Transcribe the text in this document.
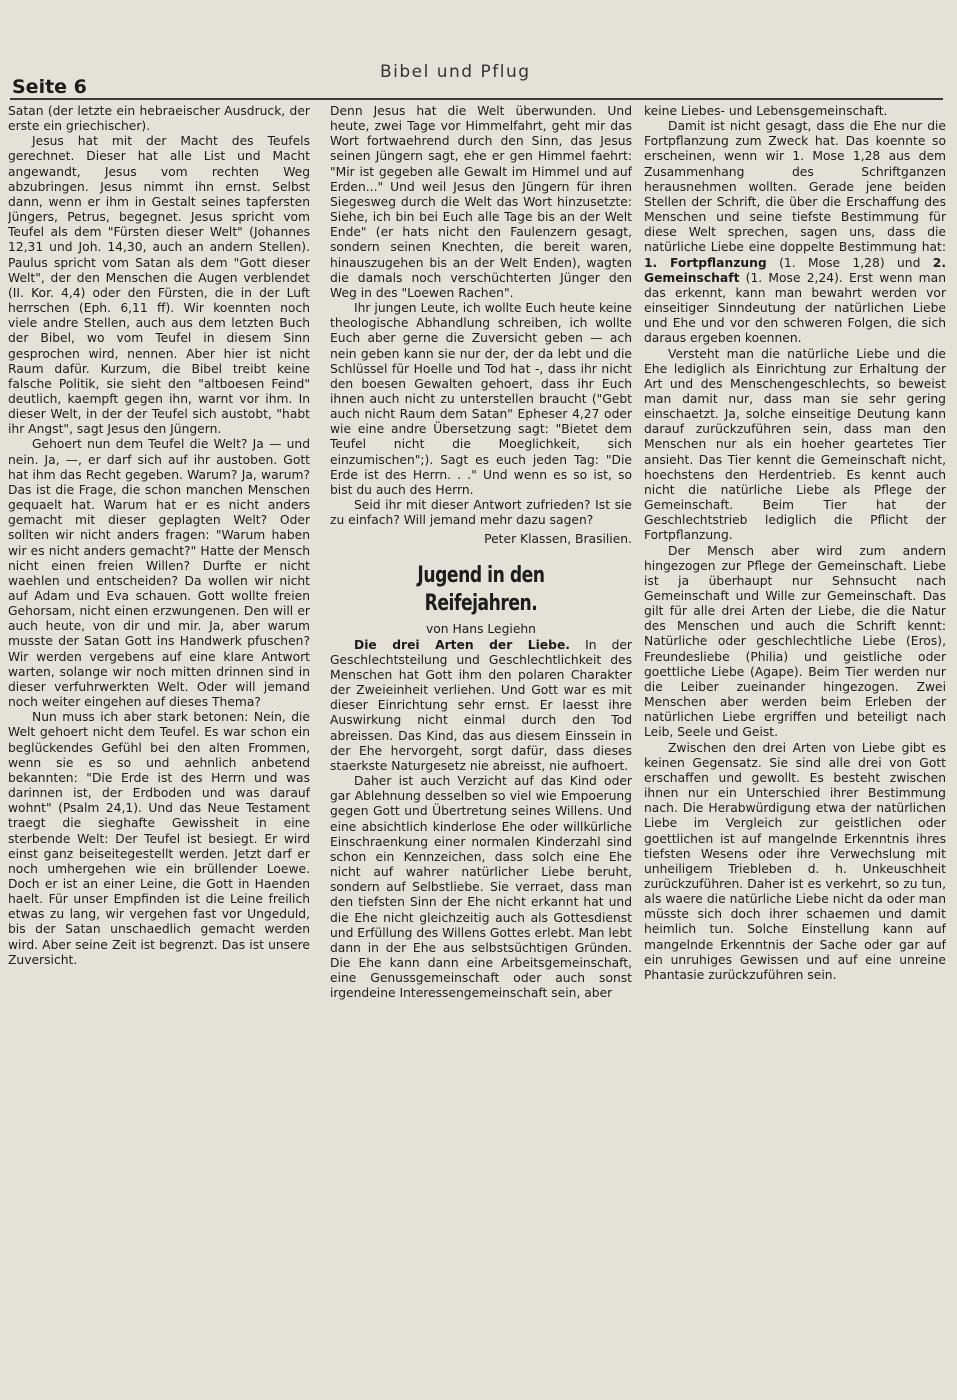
Seite 6
Bibel und Pflug

Satan (der letzte ein hebraeischer Ausdruck, der erste ein griechischer).

Jesus hat mit der Macht des Teufels gerechnet. Dieser hat alle List und Macht angewandt, Jesus vom rechten Weg abzubringen. Jesus nimmt ihn ernst. Selbst dann, wenn er ihm in Gestalt seines tapfersten Jüngers, Petrus, begegnet. Jesus spricht vom Teufel als dem "Fürsten dieser Welt" (Johannes 12,31 und Joh. 14,30, auch an andern Stellen). Paulus spricht vom Satan als dem "Gott dieser Welt", der den Menschen die Augen verblendet (II. Kor. 4,4) oder den Fürsten, die in der Luft herrschen (Eph. 6,11 ff). Wir koennten noch viele andre Stellen, auch aus dem letzten Buch der Bibel, wo vom Teufel in diesem Sinn gesprochen wird, nennen. Aber hier ist nicht Raum dafür. Kurzum, die Bibel treibt keine falsche Politik, sie sieht den "altboesen Feind" deutlich, kaempft gegen ihn, warnt vor ihm. In dieser Welt, in der der Teufel sich austobt, "habt ihr Angst", sagt Jesus den Jüngern.

Gehoert nun dem Teufel die Welt? Ja — und nein. Ja, —, er darf sich auf ihr austoben. Gott hat ihm das Recht gegeben. Warum? Ja, warum? Das ist die Frage, die schon manchen Menschen gequaelt hat. Warum hat er es nicht anders gemacht mit dieser geplagten Welt? Oder sollten wir nicht anders fragen: "Warum haben wir es nicht anders gemacht?" Hatte der Mensch nicht einen freien Willen? Durfte er nicht waehlen und entscheiden? Da wollen wir nicht auf Adam und Eva schauen. Gott wollte freien Gehorsam, nicht einen erzwungenen. Den will er auch heute, von dir und mir. Ja, aber warum musste der Satan Gott ins Handwerk pfuschen? Wir werden vergebens auf eine klare Antwort warten, solange wir noch mitten drinnen sind in dieser verfuhrwerkten Welt. Oder will jemand noch weiter eingehen auf dieses Thema?

Nun muss ich aber stark betonen: Nein, die Welt gehoert nicht dem Teufel. Es war schon ein beglückendes Gefühl bei den alten Frommen, wenn sie es so und aehnlich anbetend bekannten: "Die Erde ist des Herrn und was darinnen ist, der Erdboden und was darauf wohnt" (Psalm 24,1). Und das Neue Testament traegt die sieghafte Gewissheit in eine sterbende Welt: Der Teufel ist besiegt. Er wird einst ganz beiseitegestellt werden. Jetzt darf er noch umhergehen wie ein brüllender Loewe. Doch er ist an einer Leine, die Gott in Haenden haelt. Für unser Empfinden ist die Leine freilich etwas zu lang, wir vergehen fast vor Ungeduld, bis der Satan unschaedlich gemacht werden wird. Aber seine Zeit ist begrenzt. Das ist unsere Zuversicht.

Denn Jesus hat die Welt überwunden. Und heute, zwei Tage vor Himmelfahrt, geht mir das Wort fortwaehrend durch den Sinn, das Jesus seinen Jüngern sagt, ehe er gen Himmel faehrt: "Mir ist gegeben alle Gewalt im Himmel und auf Erden..." Und weil Jesus den Jüngern für ihren Siegesweg durch die Welt das Wort hinzusetzte: Siehe, ich bin bei Euch alle Tage bis an der Welt Ende" (er hats nicht den Faulenzern gesagt, sondern seinen Knechten, die bereit waren, hinauszugehen bis an der Welt Enden), wagten die damals noch verschüchterten Jünger den Weg in des "Loewen Rachen".

Ihr jungen Leute, ich wollte Euch heute keine theologische Abhandlung schreiben, ich wollte Euch aber gerne die Zuversicht geben — ach nein geben kann sie nur der, der da lebt und die Schlüssel für Hoelle und Tod hat -, dass ihr nicht den boesen Gewalten gehoert, dass ihr Euch ihnen auch nicht zu unterstellen braucht ("Gebt auch nicht Raum dem Satan" Epheser 4,27 oder wie eine andre Übersetzung sagt: "Bietet dem Teufel nicht die Moeglichkeit, sich einzumischen";). Sagt es euch jeden Tag: "Die Erde ist des Herrn. . ." Und wenn es so ist, so bist du auch des Herrn.

Seid ihr mit dieser Antwort zufrieden? Ist sie zu einfach? Will jemand mehr dazu sagen?

Peter Klassen, Brasilien.
Jugend in den Reifejahren.
von Hans Legiehn

Die drei Arten der Liebe. In der Geschlechtsteilung und Geschlechtlichkeit des Menschen hat Gott ihm den polaren Charakter der Zweieinheit verliehen. Und Gott war es mit dieser Einrichtung sehr ernst. Er laesst ihre Auswirkung nicht einmal durch den Tod abreissen. Das Kind, das aus diesem Einssein in der Ehe hervorgeht, sorgt dafür, dass dieses staerkste Naturgesetz nie abreisst, nie aufhoert.

Daher ist auch Verzicht auf das Kind oder gar Ablehnung desselben so viel wie Empoerung gegen Gott und Übertretung seines Willens. Und eine absichtlich kinderlose Ehe oder willkürliche Einschraenkung einer normalen Kinderzahl sind schon ein Kennzeichen, dass solch eine Ehe nicht auf wahrer natürlicher Liebe beruht, sondern auf Selbstliebe. Sie verraet, dass man den tiefsten Sinn der Ehe nicht erkannt hat und die Ehe nicht gleichzeitig auch als Gottesdienst und Erfüllung des Willens Gottes erlebt. Man lebt dann in der Ehe aus selbstsüchtigen Gründen. Die Ehe kann dann eine Arbeitsgemeinschaft, eine Genussgemeinschaft oder auch sonst irgendeine Interessengemeinschaft sein, aber

keine Liebes- und Lebensgemeinschaft.

Damit ist nicht gesagt, dass die Ehe nur die Fortpflanzung zum Zweck hat. Das koennte so erscheinen, wenn wir 1. Mose 1,28 aus dem Zusammenhang des Schriftganzen herausnehmen wollten. Gerade jene beiden Stellen der Schrift, die über die Erschaffung des Menschen und seine tiefste Bestimmung für diese Welt sprechen, sagen uns, dass die natürliche Liebe eine doppelte Bestimmung hat: 1. Fortpflanzung (1. Mose 1,28) und 2. Gemeinschaft (1. Mose 2,24). Erst wenn man das erkennt, kann man bewahrt werden vor einseitiger Sinndeutung der natürlichen Liebe und Ehe und vor den schweren Folgen, die sich daraus ergeben koennen.

Versteht man die natürliche Liebe und die Ehe lediglich als Einrichtung zur Erhaltung der Art und des Menschengeschlechts, so beweist man damit nur, dass man sie sehr gering einschaetzt. Ja, solche einseitige Deutung kann darauf zurückzuführen sein, dass man den Menschen nur als ein hoeher geartetes Tier ansieht. Das Tier kennt die Gemeinschaft nicht, hoechstens den Herdentrieb. Es kennt auch nicht die natürliche Liebe als Pflege der Gemeinschaft. Beim Tier hat der Geschlechtstrieb lediglich die Pflicht der Fortpflanzung.

Der Mensch aber wird zum andern hingezogen zur Pflege der Gemeinschaft. Liebe ist ja überhaupt nur Sehnsucht nach Gemeinschaft und Wille zur Gemeinschaft. Das gilt für alle drei Arten der Liebe, die die Natur des Menschen und auch die Schrift kennt: Natürliche oder geschlechtliche Liebe (Eros), Freundesliebe (Philia) und geistliche oder goettliche Liebe (Agape). Beim Tier werden nur die Leiber zueinander hingezogen. Zwei Menschen aber werden beim Erleben der natürlichen Liebe ergriffen und beteiligt nach Leib, Seele und Geist.

Zwischen den drei Arten von Liebe gibt es keinen Gegensatz. Sie sind alle drei von Gott erschaffen und gewollt. Es besteht zwischen ihnen nur ein Unterschied ihrer Bestimmung nach. Die Herabwürdigung etwa der natürlichen Liebe im Vergleich zur geistlichen oder goettlichen ist auf mangelnde Erkenntnis ihres tiefsten Wesens oder ihre Verwechslung mit unheiligem Triebleben d. h. Unkeuschheit zurückzuführen. Daher ist es verkehrt, so zu tun, als waere die natürliche Liebe nicht da oder man müsste sich doch ihrer schaemen und damit heimlich tun. Solche Einstellung kann auf mangelnde Erkenntnis der Sache oder gar auf ein unruhiges Gewissen und auf eine unreine Phantasie zurückzuführen sein.
